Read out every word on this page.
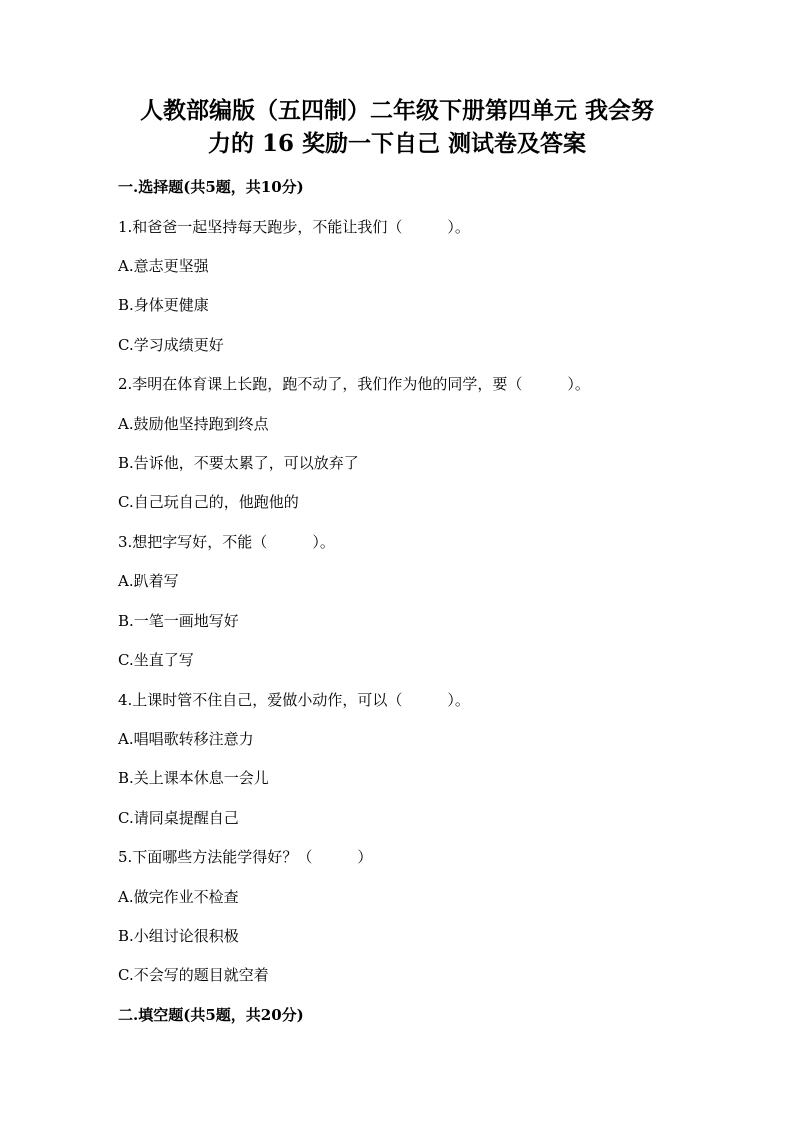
人教部编版（五四制）二年级下册第四单元 我会努
力的 16 奖励一下自己 测试卷及答案
一.选择题(共5题，共10分)
1.和爸爸一起坚持每天跑步，不能让我们（　　　）。
A.意志更坚强
B.身体更健康
C.学习成绩更好
2.李明在体育课上长跑，跑不动了，我们作为他的同学，要（　　　）。
A.鼓励他坚持跑到终点
B.告诉他，不要太累了，可以放弃了
C.自己玩自己的，他跑他的
3.想把字写好，不能（　　　）。
A.趴着写
B.一笔一画地写好
C.坐直了写
4.上课时管不住自己，爱做小动作，可以（　　　）。
A.唱唱歌转移注意力
B.关上课本休息一会儿
C.请同桌提醒自己
5.下面哪些方法能学得好？（　　　）
A.做完作业不检查
B.小组讨论很积极
C.不会写的题目就空着
二.填空题(共5题，共20分)
